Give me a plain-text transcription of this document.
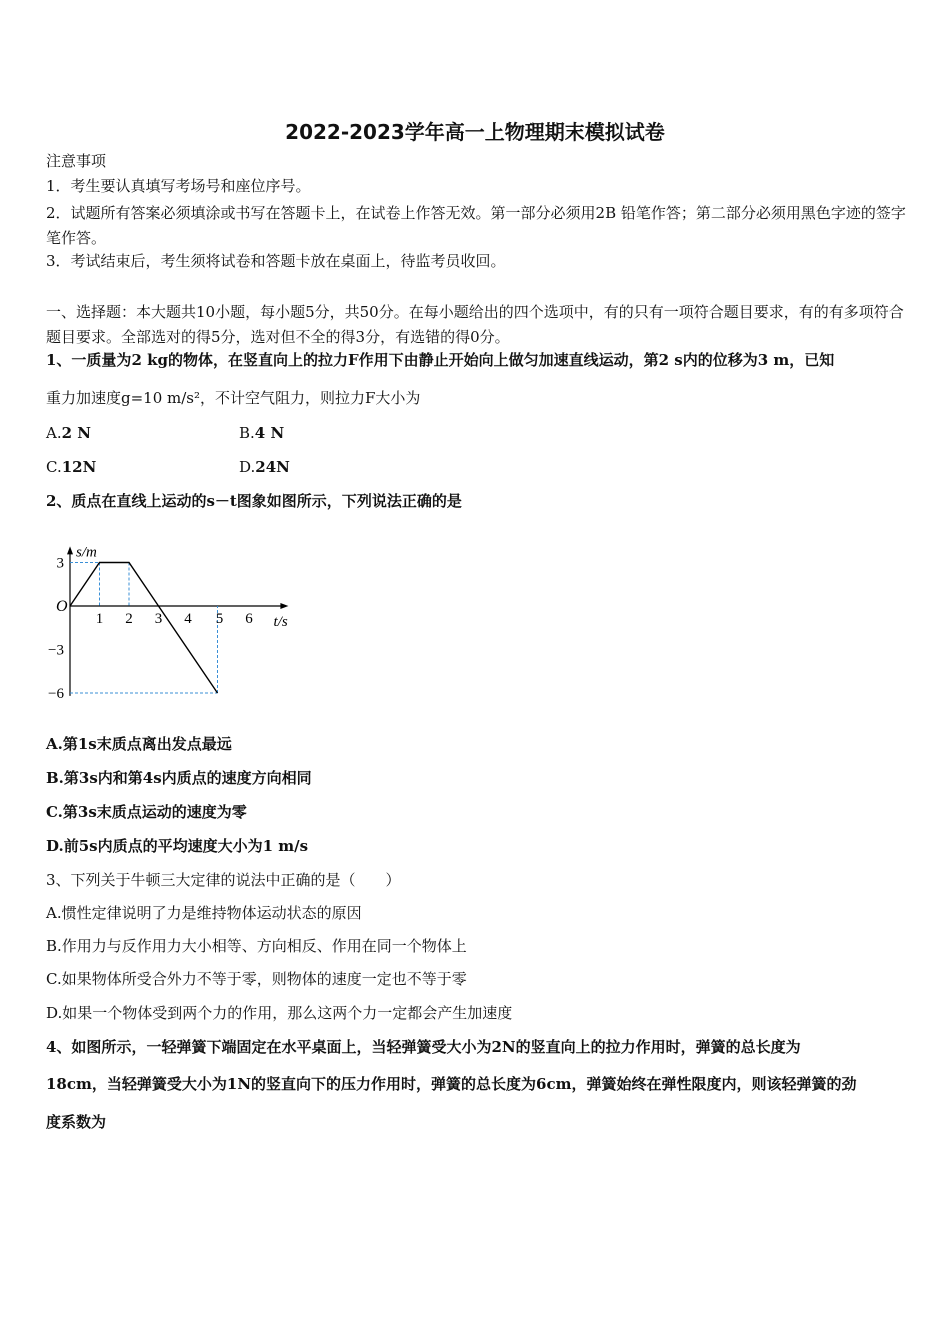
2022-2023学年高一上物理期末模拟试卷
注意事项
1．考生要认真填写考场号和座位序号。
2．试题所有答案必须填涂或书写在答题卡上，在试卷上作答无效。第一部分必须用2B 铅笔作答；第二部分必须用黑色字迹的签字笔作答。
3．考试结束后，考生须将试卷和答题卡放在桌面上，待监考员收回。
一、选择题：本大题共10小题，每小题5分，共50分。在每小题给出的四个选项中，有的只有一项符合题目要求，有的有多项符合题目要求。全部选对的得5分，选对但不全的得3分，有选错的得0分。
1、一质量为2 kg的物体，在竖直向上的拉力F作用下由静止开始向上做匀加速直线运动，第2 s内的位移为3 m，已知
重力加速度g=10 m/s²，不计空气阻力，则拉力F大小为
A.2 N	B.4 N
C.12N	D.24N
2、质点在直线上运动的s－t图象如图所示，下列说法正确的是
1 2 3 4 5 6
3
−3
−6
O
s/m
t/s
A.第1s末质点离出发点最远
B.第3s内和第4s内质点的速度方向相同
C.第3s末质点运动的速度为零
D.前5s内质点的平均速度大小为1 m/s
3、下列关于牛顿三大定律的说法中正确的是（　　）
A.惯性定律说明了力是维持物体运动状态的原因
B.作用力与反作用力大小相等、方向相反、作用在同一个物体上
C.如果物体所受合外力不等于零，则物体的速度一定也不等于零
D.如果一个物体受到两个力的作用，那么这两个力一定都会产生加速度
4、如图所示，一轻弹簧下端固定在水平桌面上，当轻弹簧受大小为2N的竖直向上的拉力作用时，弹簧的总长度为
18cm，当轻弹簧受大小为1N的竖直向下的压力作用时，弹簧的总长度为6cm，弹簧始终在弹性限度内，则该轻弹簧的劲
度系数为
